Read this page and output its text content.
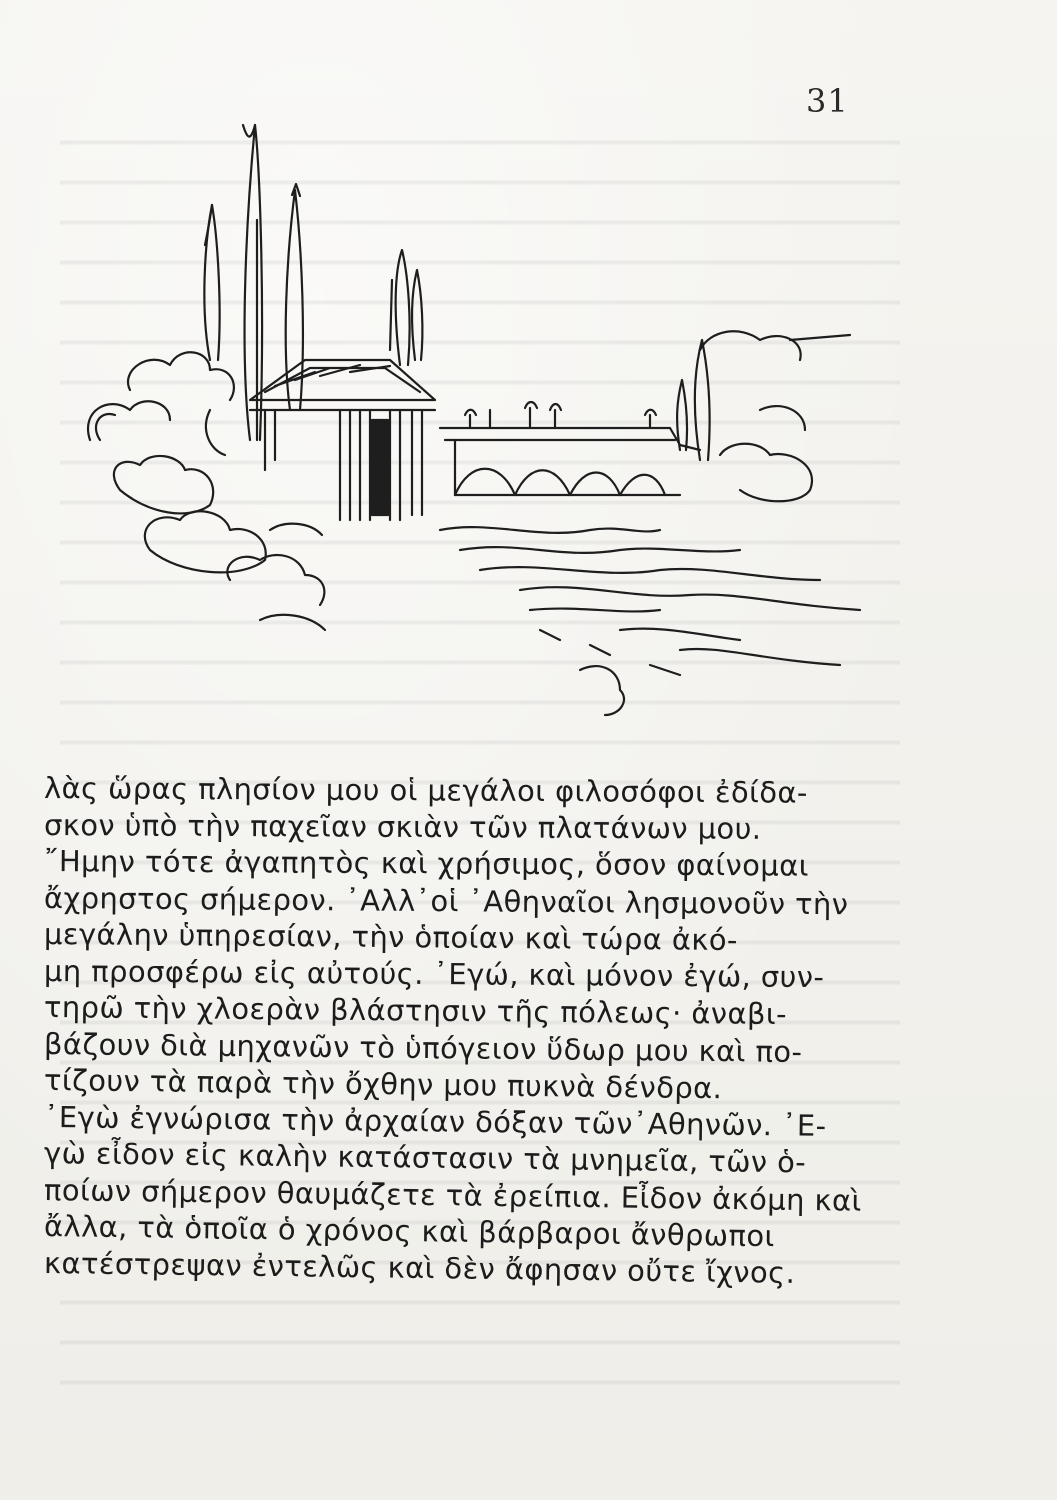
31
λὰς ὥρας πλησίον μου οἱ μεγάλοι φιλοσόφοι ἐδίδα-
σκον ὑπὸ τὴν παχεῖαν σκιὰν τῶν πλατάνων μου.
῎Ημην τότε ἀγαπητὸς καὶ χρήσιμος, ὅσον φαίνομαι
ἄχρηστος σήμερον. ᾿Αλλ᾿οἱ ᾿Αθηναῖοι λησμονοῦν τὴν
μεγάλην ὑπηρεσίαν, τὴν ὁποίαν καὶ τώρα ἀκό-
μη προσφέρω εἰς αὐτούς. ᾿Εγώ, καὶ μόνον ἐγώ, συν-
τηρῶ τὴν χλοερὰν βλάστησιν τῆς πόλεως· ἀναβι-
βάζουν διὰ μηχανῶν τὸ ὑπόγειον ὕδωρ μου καὶ πο-
τίζουν τὰ παρὰ τὴν ὄχθην μου πυκνὰ δένδρα.
᾿Εγὼ ἐγνώρισα τὴν ἀρχαίαν δόξαν τῶν᾿Αθηνῶν. ᾿Ε-
γὼ εἶδον εἰς καλὴν κατάστασιν τὰ μνημεῖα, τῶν ὁ-
ποίων σήμερον θαυμάζετε τὰ ἐρείπια. Εἶδον ἀκόμη καὶ
ἄλλα, τὰ ὁποῖα ὁ χρόνος καὶ βάρβαροι ἄνθρωποι
κατέστρεψαν ἐντελῶς καὶ δὲν ἄφησαν οὔτε ἴχνος.
